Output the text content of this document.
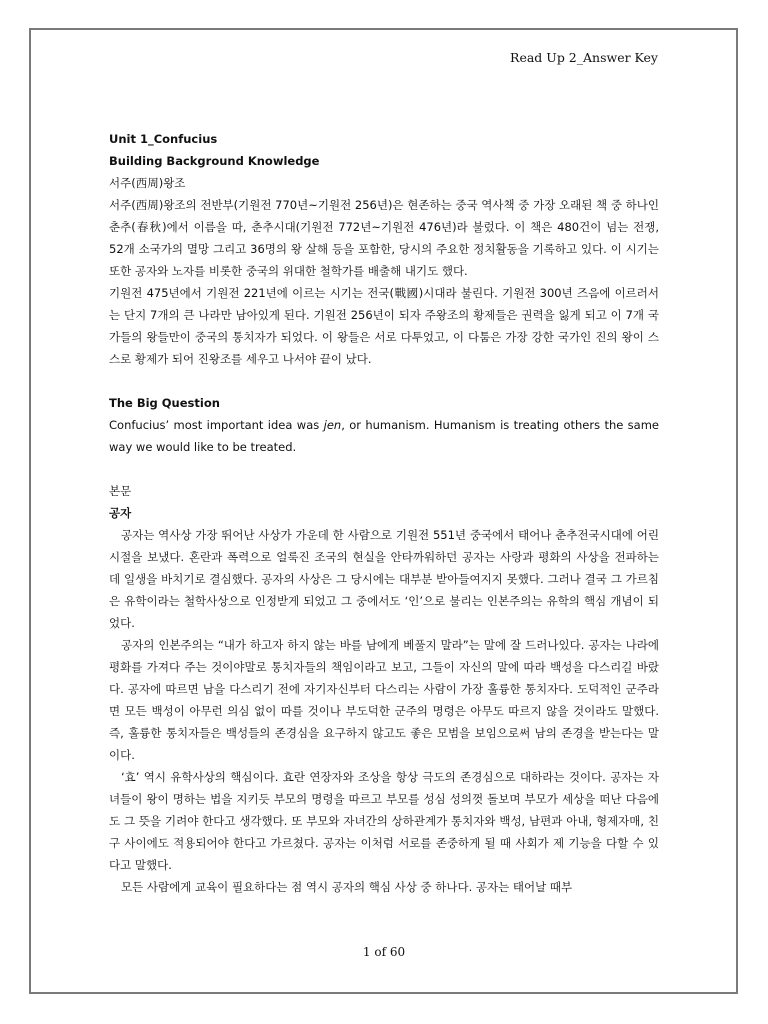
Read Up 2_Answer Key
Unit 1_Confucius
Building Background Knowledge
서주(西周)왕조

서주(西周)왕조의 전반부(기원전 770년~기원전 256년)은 현존하는 중국 역사책 중 가장 오래된 책 중 하나인 춘추(春秋)에서 이름을 따, 춘추시대(기원전 772년~기원전 476년)라 불렀다. 이 책은 480건이 넘는 전쟁, 52개 소국가의 멸망 그리고 36명의 왕 살해 등을 포함한, 당시의 주요한 정치활동을 기록하고 있다. 이 시기는 또한 공자와 노자를 비롯한 중국의 위대한 철학가를 배출해 내기도 했다.

기원전 475년에서 기원전 221년에 이르는 시기는 전국(戰國)시대라 불린다. 기원전 300년 즈음에 이르러서는 단지 7개의 큰 나라만 남아있게 된다. 기원전 256년이 되자 주왕조의 황제들은 권력을 잃게 되고 이 7개 국가들의 왕들만이 중국의 통치자가 되었다. 이 왕들은 서로 다투었고, 이 다툼은 가장 강한 국가인 진의 왕이 스스로 황제가 되어 진왕조를 세우고 나서야 끝이 났다.

The Big Question

Confucius’ most important idea was jen, or humanism. Humanism is treating others the same way we would like to be treated.

본문
공자

공자는 역사상 가장 뛰어난 사상가 가운데 한 사람으로 기원전 551년 중국에서 태어나 춘추전국시대에 어린 시절을 보냈다. 혼란과 폭력으로 얼룩진 조국의 현실을 안타까워하던 공자는 사랑과 평화의 사상을 전파하는 데 일생을 바치기로 결심했다. 공자의 사상은 그 당시에는 대부분 받아들여지지 못했다. 그러나 결국 그 가르침은 유학이라는 철학사상으로 인정받게 되었고 그 중에서도 ‘인’으로 불리는 인본주의는 유학의 핵심 개념이 되었다.

공자의 인본주의는 “내가 하고자 하지 않는 바를 남에게 베풀지 말라”는 말에 잘 드러나있다. 공자는 나라에 평화를 가져다 주는 것이야말로 통치자들의 책임이라고 보고, 그들이 자신의 말에 따라 백성을 다스리길 바랐다. 공자에 따르면 남을 다스리기 전에 자기자신부터 다스리는 사람이 가장 훌륭한 통치자다. 도덕적인 군주라면 모든 백성이 아무런 의심 없이 따를 것이나 부도덕한 군주의 명령은 아무도 따르지 않을 것이라도 말했다. 즉, 훌륭한 통치자들은 백성들의 존경심을 요구하지 않고도 좋은 모범을 보임으로써 남의 존경을 받는다는 말이다.

‘효’ 역시 유학사상의 핵심이다. 효란 연장자와 조상을 항상 극도의 존경심으로 대하라는 것이다. 공자는 자녀들이 왕이 명하는 법을 지키듯 부모의 명령을 따르고 부모를 성심 성의껏 돌보며 부모가 세상을 떠난 다음에도 그 뜻을 기려야 한다고 생각했다. 또 부모와 자녀간의 상하관계가 통치자와 백성, 남편과 아내, 형제자매, 친구 사이에도 적용되어야 한다고 가르쳤다. 공자는 이처럼 서로를 존중하게 될 때 사회가 제 기능을 다할 수 있다고 말했다.

모든 사람에게 교육이 필요하다는 점 역시 공자의 핵심 사상 중 하나다. 공자는 태어날 때부

1 of 60
